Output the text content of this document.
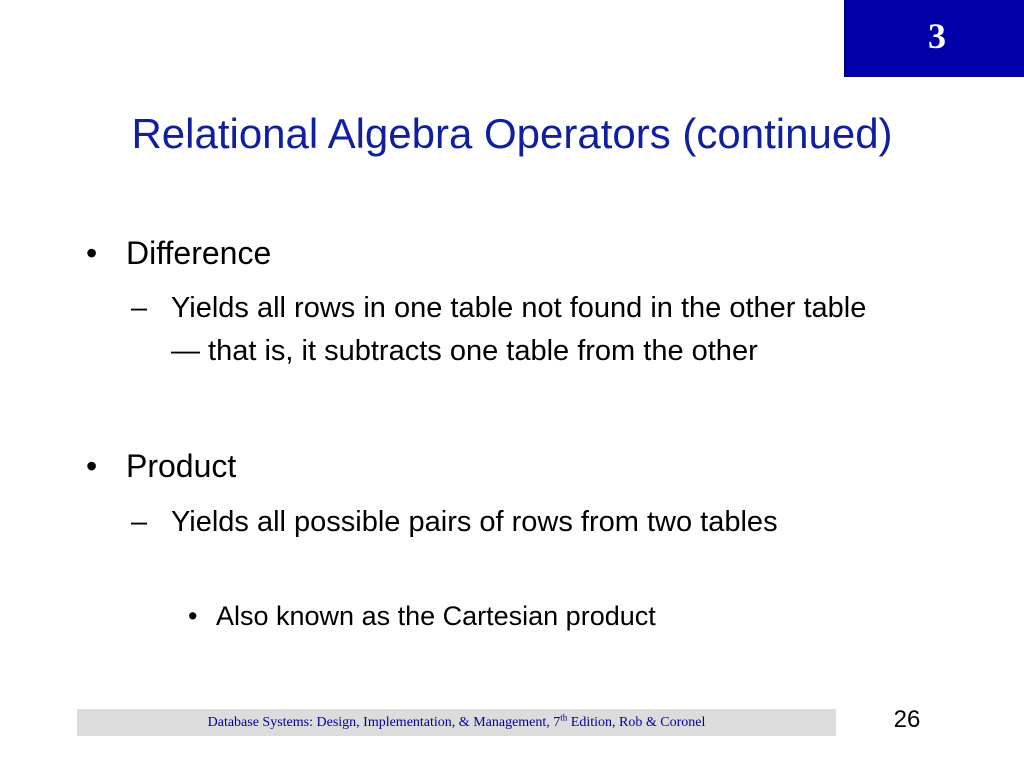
3
Relational Algebra Operators (continued)
• Difference
– Yields all rows in one table not found in the other table — that is, it subtracts one table from the other
• Product
– Yields all possible pairs of rows from two tables
• Also known as the Cartesian product
Database Systems: Design, Implementation, & Management, 7th Edition, Rob & Coronel	26
